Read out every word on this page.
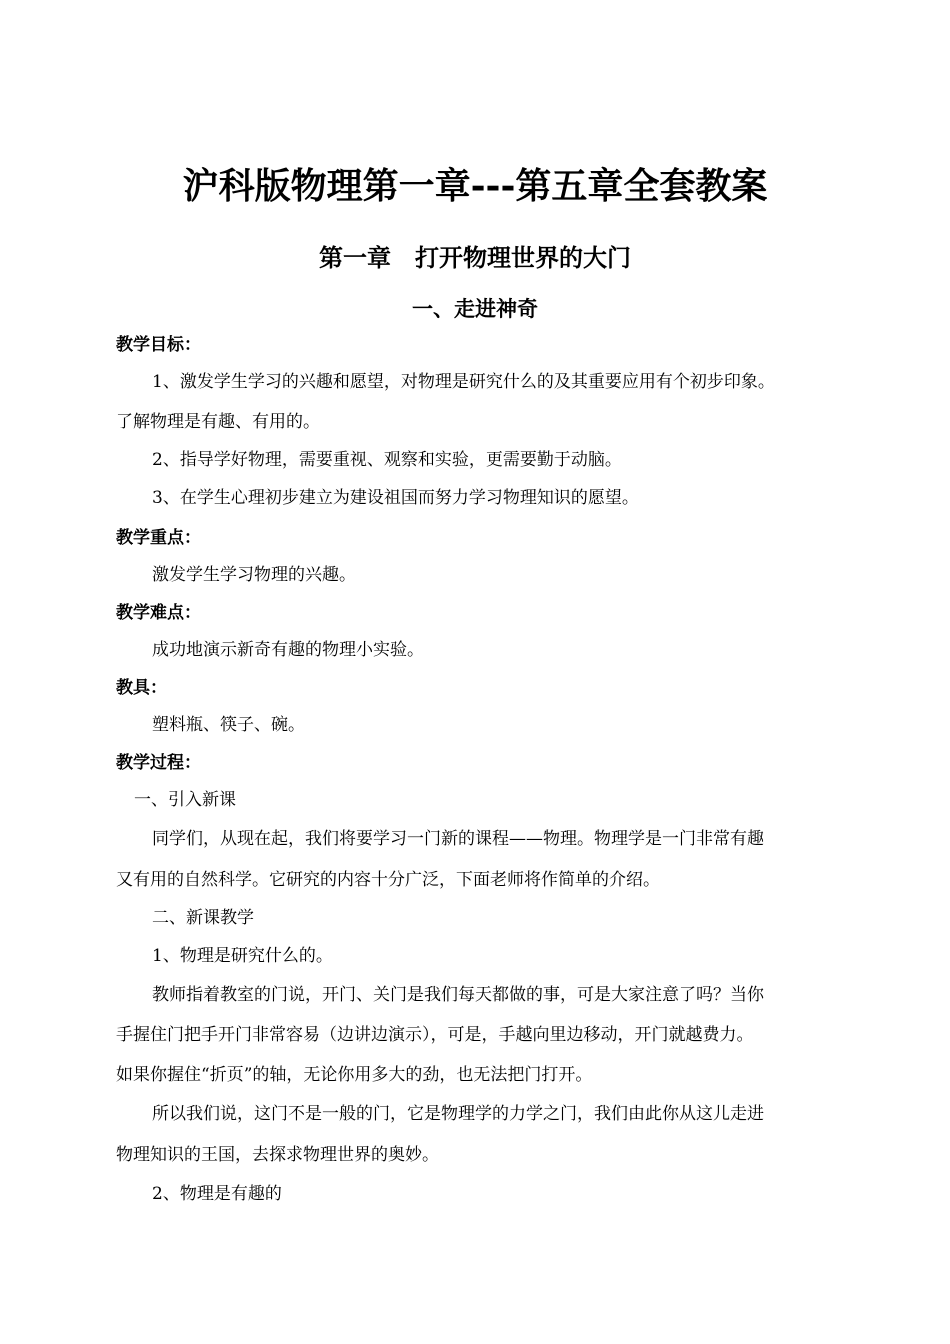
沪科版物理第一章---第五章全套教案
第一章　打开物理世界的大门
一、走进神奇
教学目标：
1、激发学生学习的兴趣和愿望，对物理是研究什么的及其重要应用有个初步印象。
了解物理是有趣、有用的。
2、指导学好物理，需要重视、观察和实验，更需要勤于动脑。
3、在学生心理初步建立为建设祖国而努力学习物理知识的愿望。
教学重点：
激发学生学习物理的兴趣。
教学难点：
成功地演示新奇有趣的物理小实验。
教具：
塑料瓶、筷子、碗。
教学过程：
一、引入新课
同学们，从现在起，我们将要学习一门新的课程——物理。物理学是一门非常有趣
又有用的自然科学。它研究的内容十分广泛，下面老师将作简单的介绍。
二、新课教学
1、物理是研究什么的。
教师指着教室的门说，开门、关门是我们每天都做的事，可是大家注意了吗？当你
手握住门把手开门非常容易（边讲边演示），可是，手越向里边移动，开门就越费力。
如果你握住“折页”的轴，无论你用多大的劲，也无法把门打开。
所以我们说，这门不是一般的门，它是物理学的力学之门，我们由此你从这儿走进
物理知识的王国，去探求物理世界的奥妙。
2、物理是有趣的
